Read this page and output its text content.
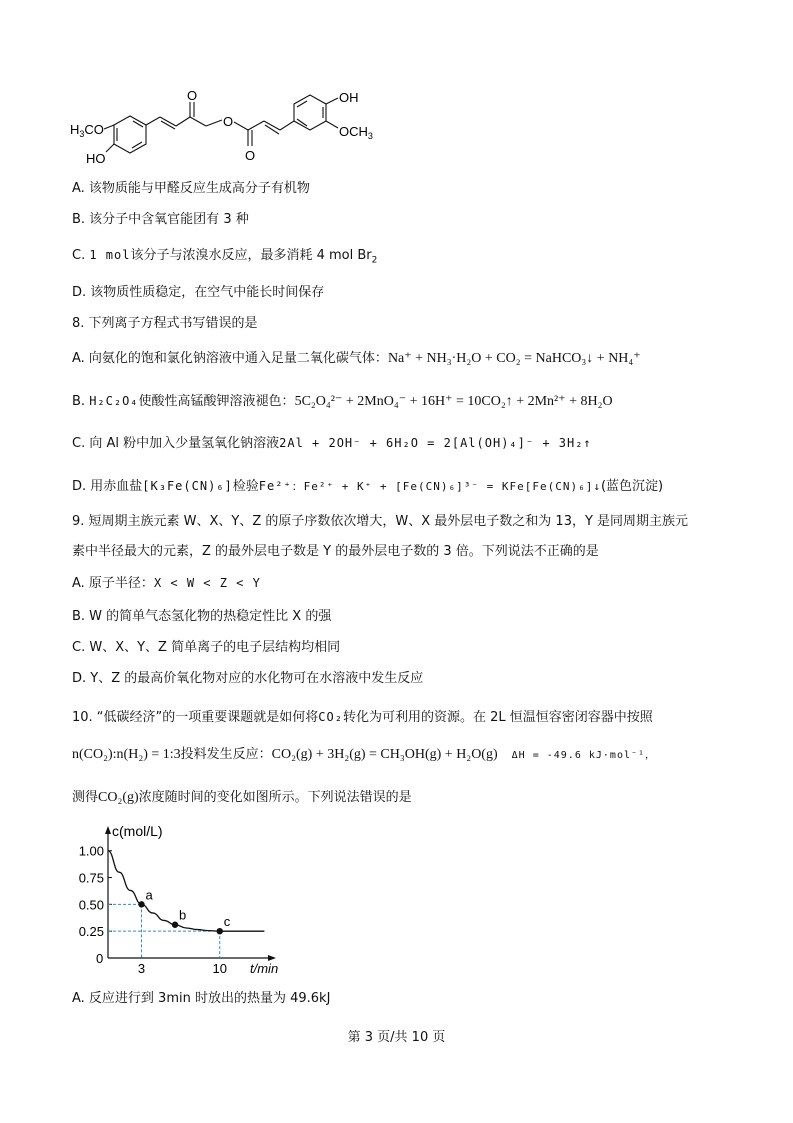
$H_3CO$
HO
O
O
O
OH
$OCH_3$
A. 该物质能与甲醛反应生成高分子有机物
B. 该分子中含氧官能团有 3 种
C. 1 mol该分子与浓溴水反应，最多消耗 4 mol $Br_2$
D. 该物质性质稳定，在空气中能长时间保存
8. 下列离子方程式书写错误的是
A. 向氨化的饱和氯化钠溶液中通入足量二氧化碳气体：Na⁺ + NH₃·H₂O + CO₂ = NaHCO₃↓ + NH₄⁺
B. H₂C₂O₄使酸性高锰酸钾溶液褪色：5C₂O₄²⁻ + 2MnO₄⁻ + 16H⁺ = 10CO₂↑ + 2Mn²⁺ + 8H₂O
C. 向 Al 粉中加入少量氢氧化钠溶液2Al + 2OH⁻ + 6H₂O = 2[Al(OH)₄]⁻ + 3H₂↑
D. 用赤血盐[K₃Fe(CN)₆]检验Fe²⁺：Fe²⁺ + K⁺ + [Fe(CN)₆]³⁻ = KFe[Fe(CN)₆]↓(蓝色沉淀)
9. 短周期主族元素 W、X、Y、Z 的原子序数依次增大，W、X 最外层电子数之和为 13，Y 是同周期主族元
素中半径最大的元素，Z 的最外层电子数是 Y 的最外层电子数的 3 倍。下列说法不正确的是
A. 原子半径：X < W < Z < Y
B. W 的简单气态氢化物的热稳定性比 X 的强
C. W、X、Y、Z 简单离子的电子层结构均相同
D. Y、Z 的最高价氧化物对应的水化物可在水溶液中发生反应
10. “低碳经济”的一项重要课题就是如何将CO₂转化为可利用的资源。在 2L 恒温恒容密闭容器中按照
n(CO₂):n(H₂) = 1:3投料发生反应：CO₂(g) + 3H₂(g) = CH₃OH(g) + H₂O(g) ΔH = -49.6 kJ·mol⁻¹，
测得CO₂(g)浓度随时间的变化如图所示。下列说法错误的是
c(mol/L)
t/min
0
1.00
0.75
0.50
0.25
3	10
a
b	c
A. 反应进行到 3min 时放出的热量为 49.6kJ
第 3 页/共 10 页
